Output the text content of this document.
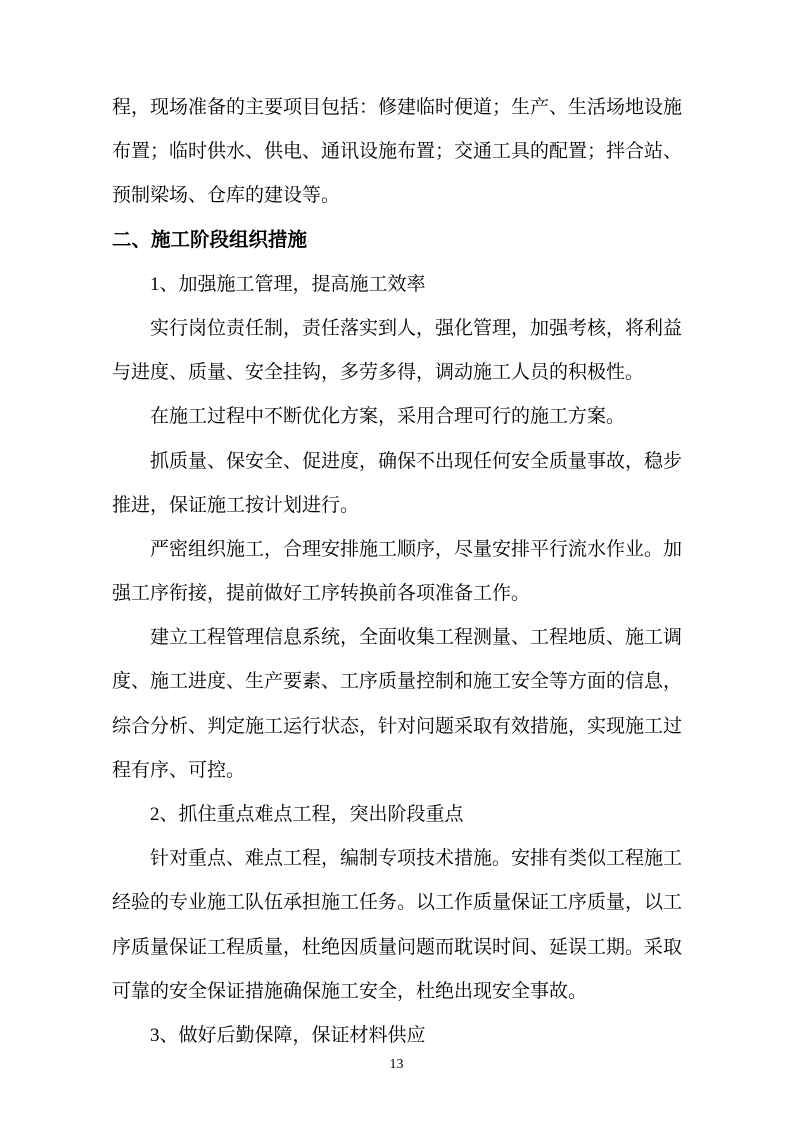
程，现场准备的主要项目包括：修建临时便道；生产、生活场地设施
布置；临时供水、供电、通讯设施布置；交通工具的配置；拌合站、
预制梁场、仓库的建设等。
二、施工阶段组织措施
1、加强施工管理，提高施工效率
实行岗位责任制，责任落实到人，强化管理，加强考核，将利益
与进度、质量、安全挂钩，多劳多得，调动施工人员的积极性。
在施工过程中不断优化方案，采用合理可行的施工方案。
抓质量、保安全、促进度，确保不出现任何安全质量事故，稳步
推进，保证施工按计划进行。
严密组织施工，合理安排施工顺序，尽量安排平行流水作业。加
强工序衔接，提前做好工序转换前各项准备工作。
建立工程管理信息系统，全面收集工程测量、工程地质、施工调
度、施工进度、生产要素、工序质量控制和施工安全等方面的信息，
综合分析、判定施工运行状态，针对问题采取有效措施，实现施工过
程有序、可控。
2、抓住重点难点工程，突出阶段重点
针对重点、难点工程，编制专项技术措施。安排有类似工程施工
经验的专业施工队伍承担施工任务。以工作质量保证工序质量，以工
序质量保证工程质量，杜绝因质量问题而耽误时间、延误工期。采取
可靠的安全保证措施确保施工安全，杜绝出现安全事故。
3、做好后勤保障，保证材料供应
13
